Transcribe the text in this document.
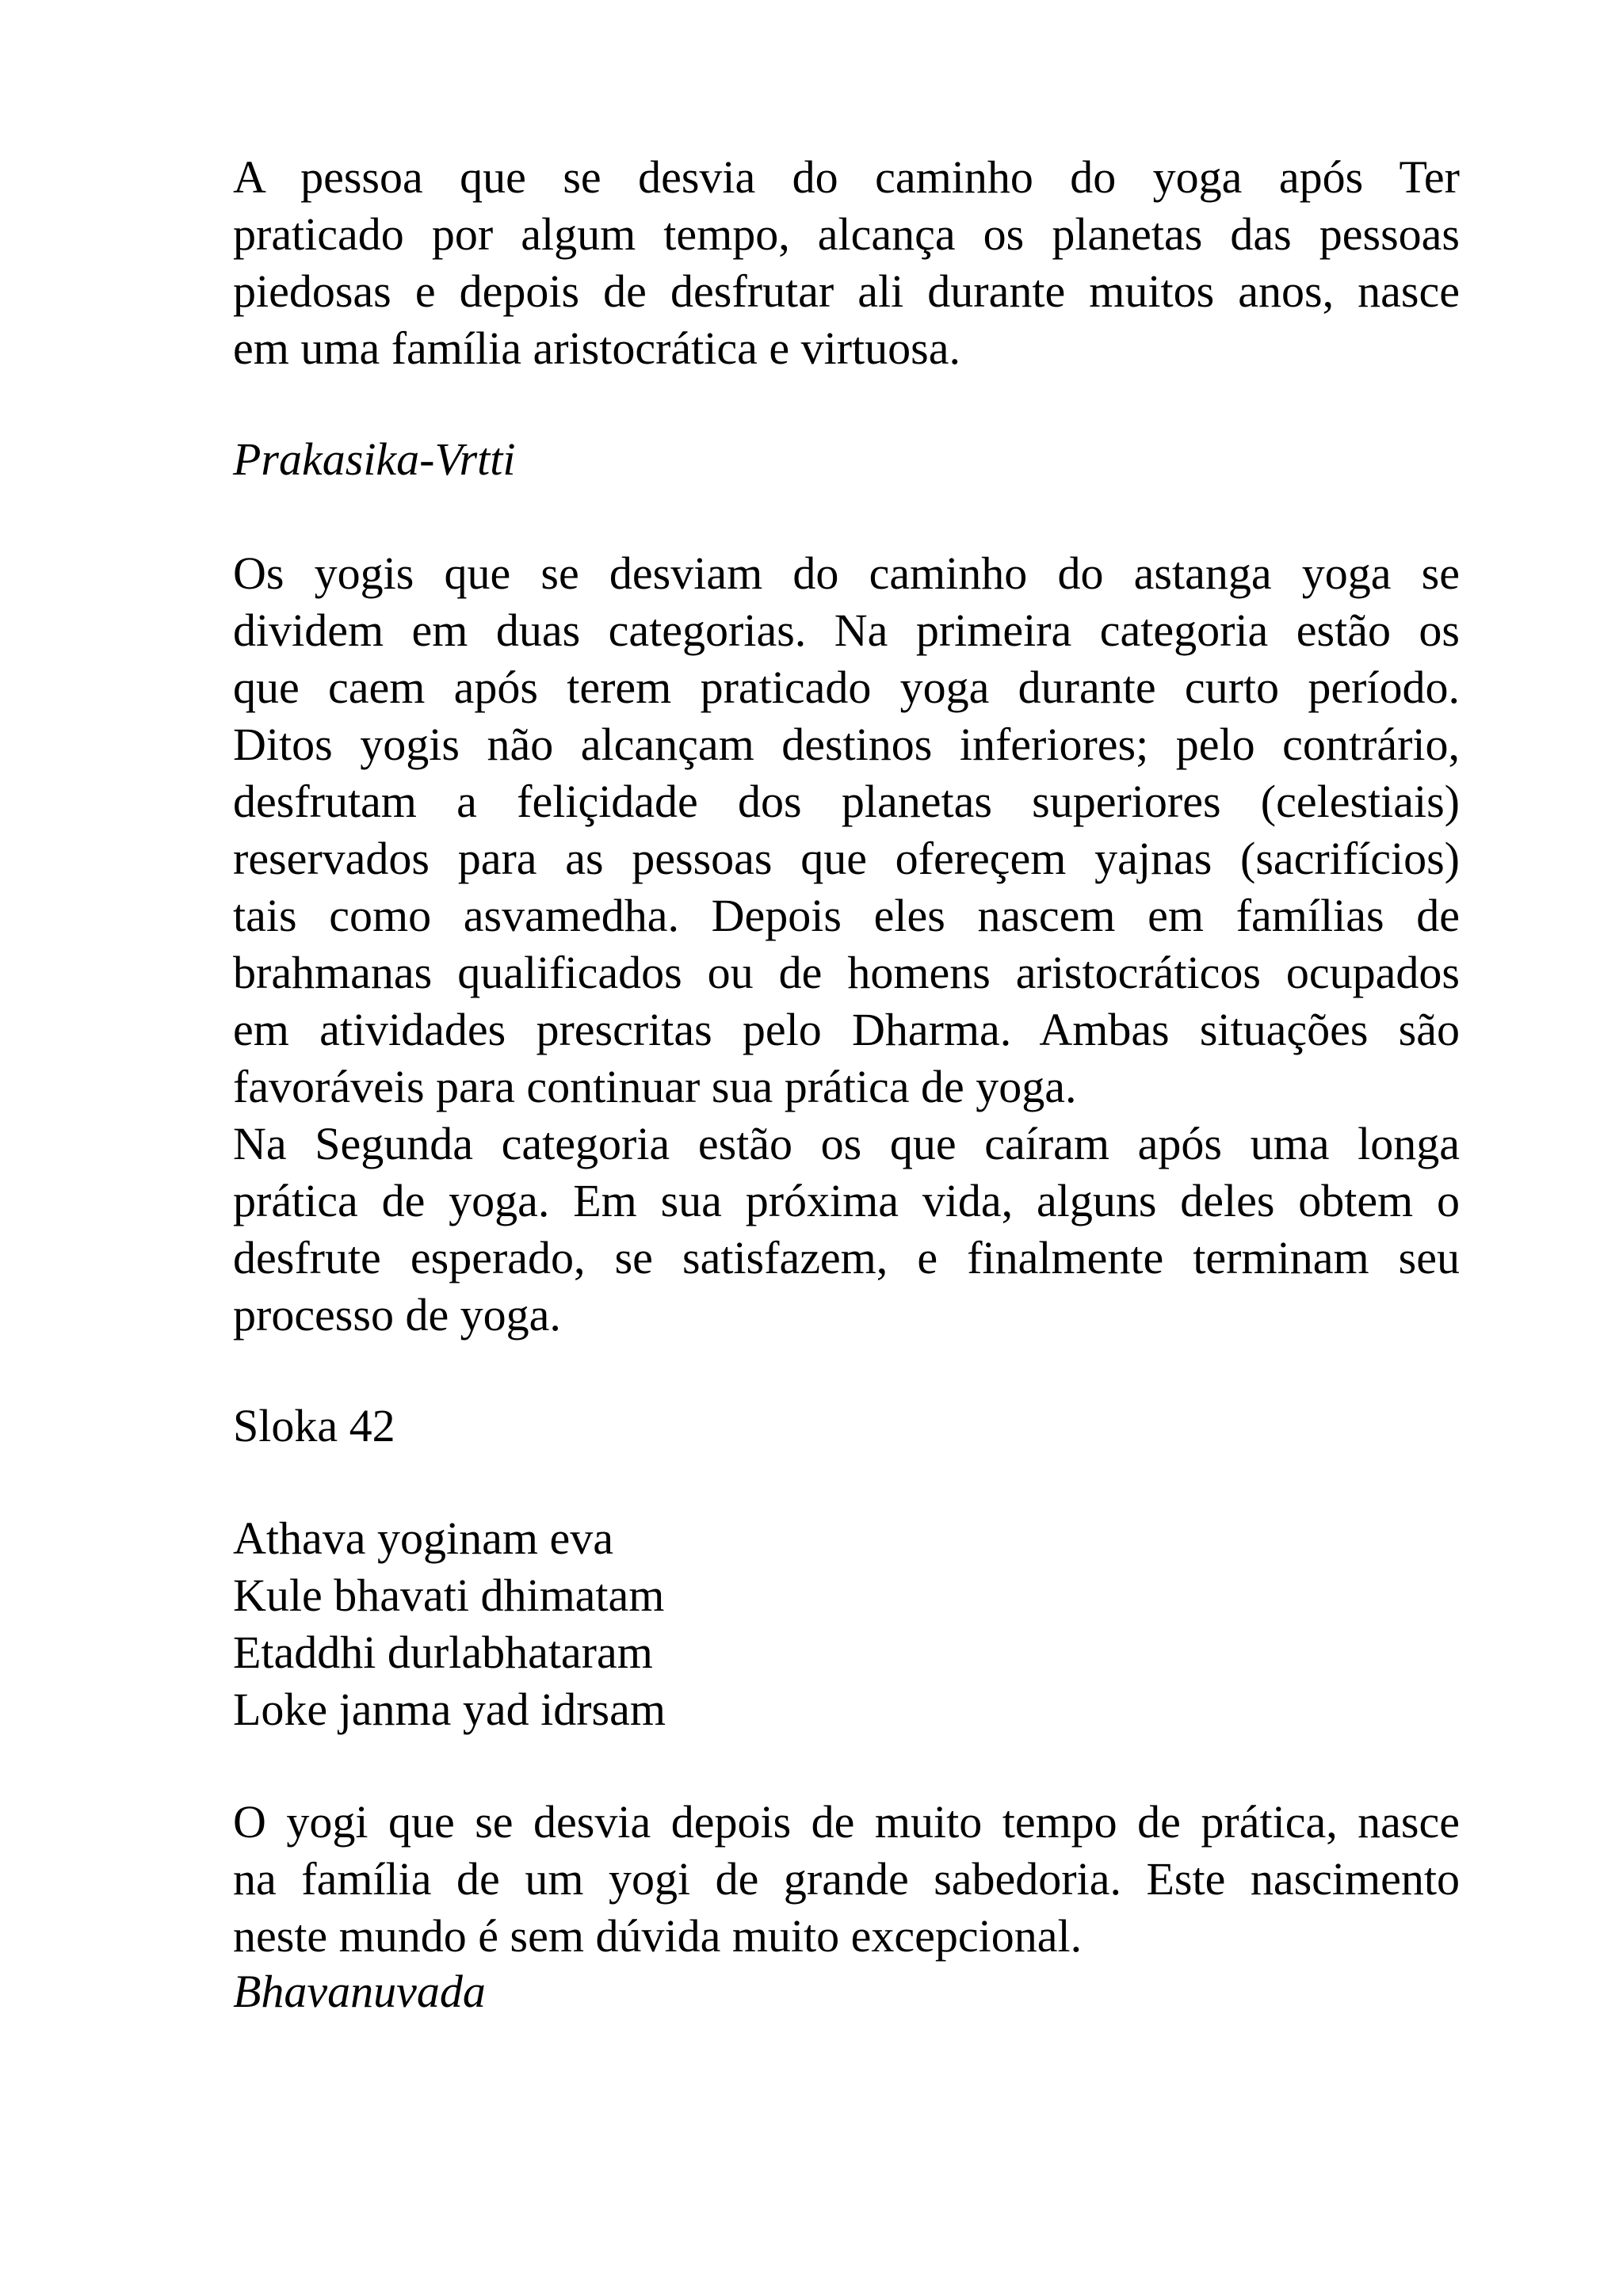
A pessoa que se desvia do caminho do yoga após Ter
praticado por algum tempo, alcança os planetas das pessoas
piedosas e depois de desfrutar ali durante muitos anos, nasce
em uma família aristocrática e virtuosa.
Prakasika-Vrtti
Os yogis que se desviam do caminho do astanga yoga se
dividem em duas categorias. Na primeira categoria estão os
que caem após terem praticado yoga durante curto período.
Ditos yogis não alcançam destinos inferiores; pelo contrário,
desfrutam a feliçidade dos planetas superiores (celestiais)
reservados para as pessoas que ofereçem yajnas (sacrifícios)
tais como asvamedha. Depois eles nascem em famílias de
brahmanas qualificados ou de homens aristocráticos ocupados
em atividades prescritas pelo Dharma. Ambas situações são
favoráveis para continuar sua prática de yoga.
Na Segunda categoria estão os que caíram após uma longa
prática de yoga. Em sua próxima vida, alguns deles obtem o
desfrute esperado, se satisfazem, e finalmente terminam seu
processo de yoga.
Sloka 42
Athava yoginam eva
Kule bhavati dhimatam
Etaddhi durlabhataram
Loke janma yad idrsam
O yogi que se desvia depois de muito tempo de prática, nasce
na família de um yogi de grande sabedoria. Este nascimento
neste mundo é sem dúvida muito excepcional.
Bhavanuvada
